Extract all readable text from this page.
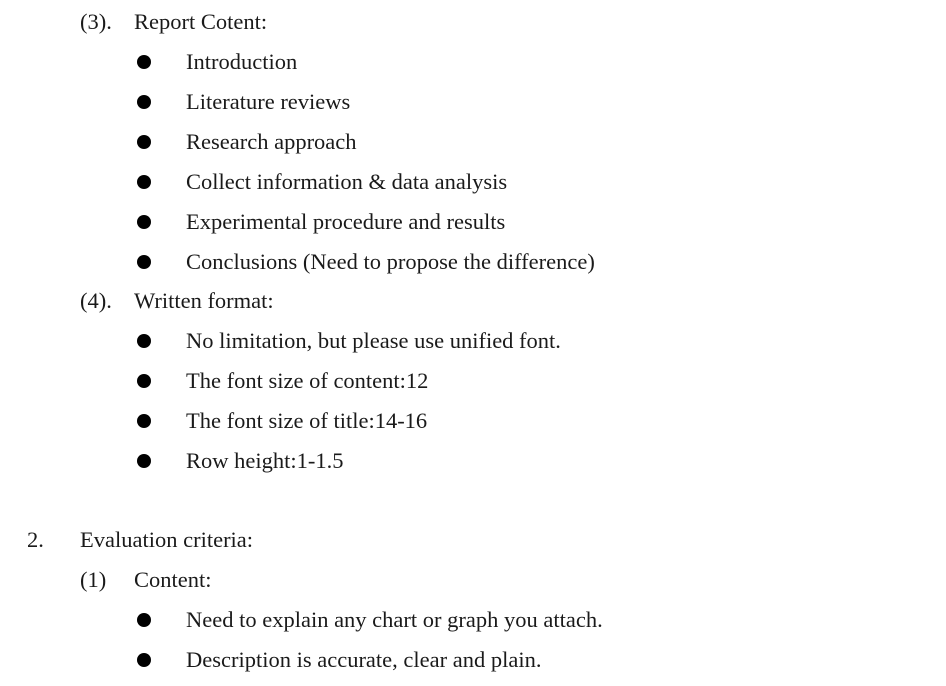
(3). Report Cotent:
Introduction
Literature reviews
Research approach
Collect information & data analysis
Experimental procedure and results
Conclusions (Need to propose the difference)
(4). Written format:
No limitation, but please use unified font.
The font size of content:12
The font size of title:14-16
Row height:1-1.5
2. Evaluation criteria:
(1) Content:
Need to explain any chart or graph you attach.
Description is accurate, clear and plain.
